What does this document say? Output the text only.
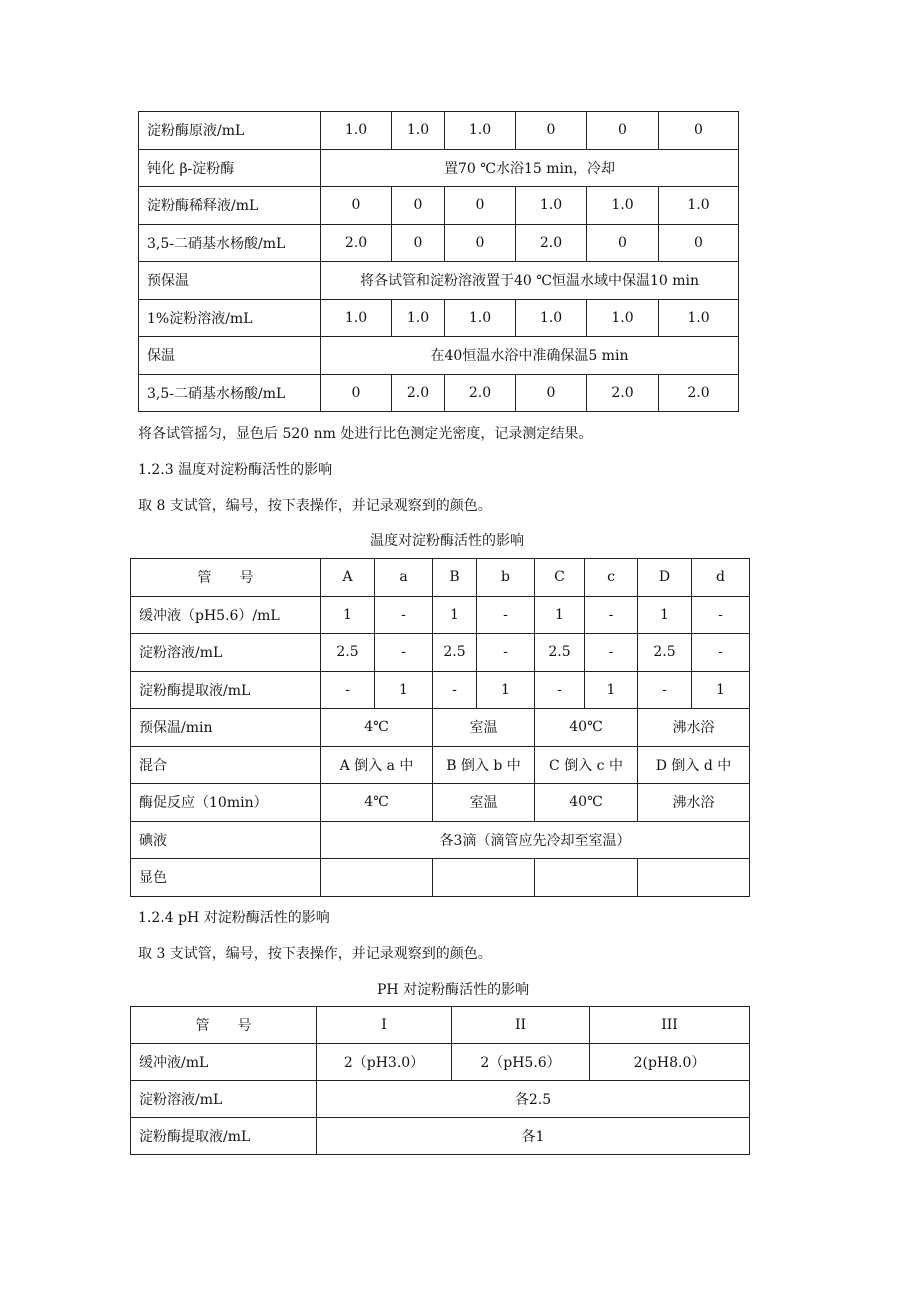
淀粉酶原液/mL	1.0	1.0	1.0	0	0	0
钝化 β-淀粉酶	置70 ℃水浴15 min，冷却					
淀粉酶稀释液/mL	0	0	0	1.0	1.0	1.0
3,5-二硝基水杨酸/mL	2.0	0	0	2.0	0	0
预保温	将各试管和淀粉溶液置于40 ℃恒温水域中保温10 min					
1%淀粉溶液/mL	1.0	1.0	1.0	1.0	1.0	1.0
保温	在40恒温水浴中准确保温5 min					
3,5-二硝基水杨酸/mL	0	2.0	2.0	0	2.0	2.0
将各试管摇匀，显色后 520 nm 处进行比色测定光密度，记录测定结果。
1.2.3 温度对淀粉酶活性的影响
取 8 支试管，编号，按下表操作，并记录观察到的颜色。
温度对淀粉酶活性的影响
管　　号	A	a	B	b	C	c	D	d
缓冲液（pH5.6）/mL	1	-	1	-	1	-	1	-
淀粉溶液/mL	2.5	-	2.5	-	2.5	-	2.5	-
淀粉酶提取液/mL	-	1	-	1	-	1	-	1
预保温/min	4℃		室温		40℃		沸水浴	
混合	A 倒入 a 中		B 倒入 b 中		C 倒入 c 中		D 倒入 d 中	
酶促反应（10min）	4℃		室温		40℃		沸水浴	
碘液	各3滴（滴管应先冷却至室温）							
显色								
1.2.4 pH 对淀粉酶活性的影响
取 3 支试管，编号，按下表操作，并记录观察到的颜色。
PH 对淀粉酶活性的影响
管　　号	I	II	III
缓冲液/mL	2（pH3.0）	2（pH5.6）	2(pH8.0）
淀粉溶液/mL	各2.5		
淀粉酶提取液/mL	各1		
